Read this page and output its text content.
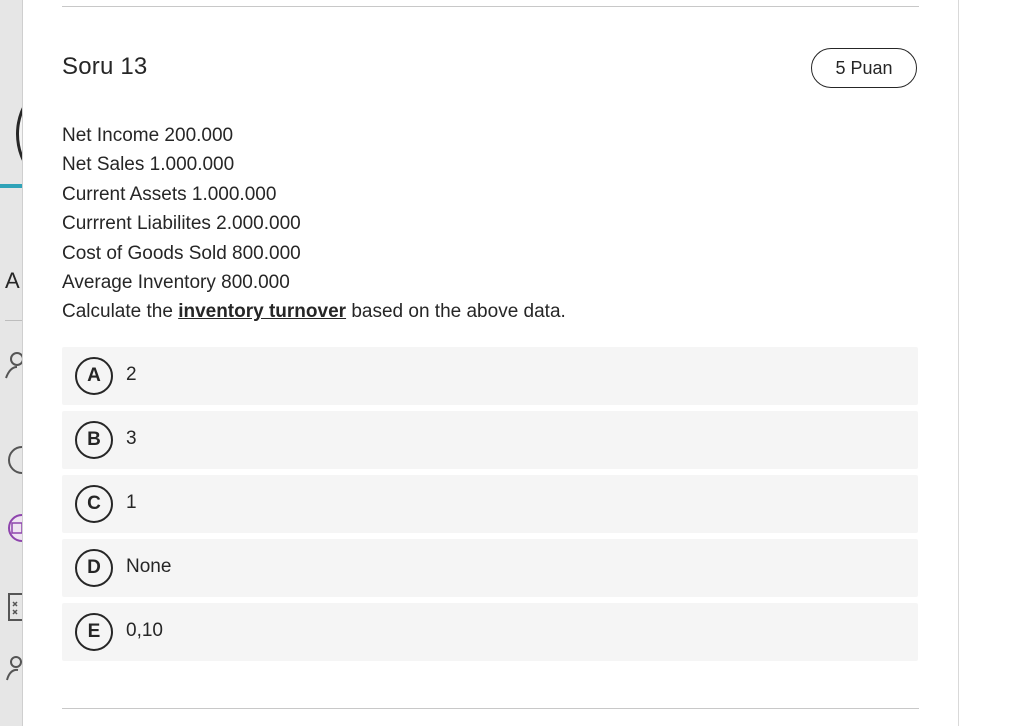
A
Soru 13	5 Puan
Net Income 200.000
Net Sales 1.000.000
Current Assets 1.000.000
Currrent Liabilites 2.000.000
Cost of Goods Sold 800.000
Average Inventory 800.000
Calculate the inventory turnover based on the above data.
A	2
B	3
C	1
D	None
E	0,10
